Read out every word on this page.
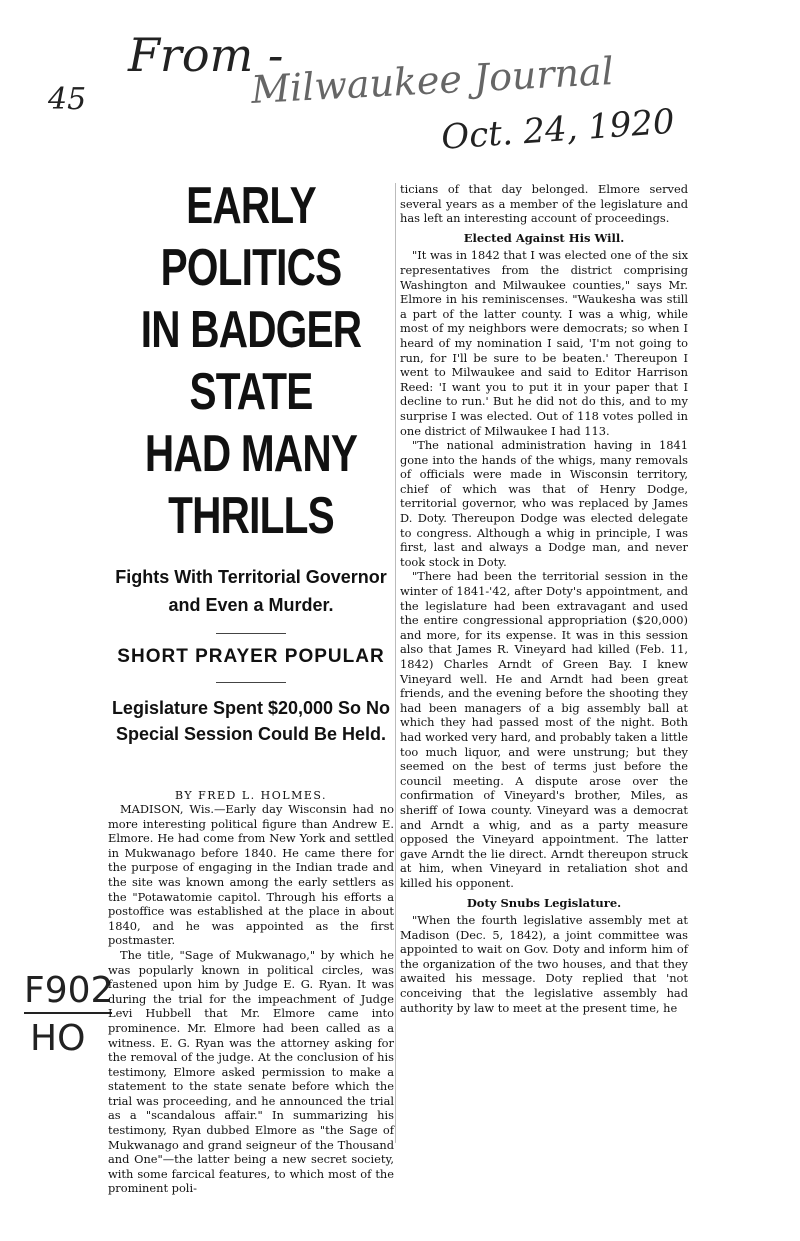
From -
45	Milwaukee Journal
Oct. 24, 1920
F902
HO
EARLY POLITICS
IN BADGER STATE
HAD MANY THRILLS
Fights With Territorial Governor and Even a Murder.
SHORT PRAYER POPULAR
Legislature Spent $20,000 So No Special Session Could Be Held.
BY FRED L. HOLMES.

MADISON, Wis.—Early day Wisconsin had no more interesting political figure than Andrew E. Elmore. He had come from New York and settled in Mukwanago before 1840. He came there for the purpose of engaging in the Indian trade and the site was known among the early settlers as the "Potawatomie capitol. Through his efforts a postoffice was established at the place in about 1840, and he was appointed as the first postmaster.

The title, "Sage of Mukwanago," by which he was popularly known in political circles, was fastened upon him by Judge E. G. Ryan. It was during the trial for the impeachment of Judge Levi Hubbell that Mr. Elmore came into prominence. Mr. Elmore had been called as a witness. E. G. Ryan was the attorney asking for the removal of the judge. At the conclusion of his testimony, Elmore asked permission to make a statement to the state senate before which the trial was proceeding, and he announced the trial as a "scandalous affair." In summarizing his testimony, Ryan dubbed Elmore as "the Sage of Mukwanago and grand seigneur of the Thousand and One"—the latter being a new secret society, with some farcical features, to which most of the prominent poli-

ticians of that day belonged. Elmore served several years as a member of the legislature and has left an interesting account of proceedings.

Elected Against His Will.

"It was in 1842 that I was elected one of the six representatives from the district comprising Washington and Milwaukee counties," says Mr. Elmore in his reminiscenses. "Waukesha was still a part of the latter county. I was a whig, while most of my neighbors were democrats; so when I heard of my nomination I said, 'I'm not going to run, for I'll be sure to be beaten.' Thereupon I went to Milwaukee and said to Editor Harrison Reed: 'I want you to put it in your paper that I decline to run.' But he did not do this, and to my surprise I was elected. Out of 118 votes polled in one district of Milwaukee I had 113.

"The national administration having in 1841 gone into the hands of the whigs, many removals of officials were made in Wisconsin territory, chief of which was that of Henry Dodge, territorial governor, who was replaced by James D. Doty. Thereupon Dodge was elected delegate to congress. Although a whig in principle, I was first, last and always a Dodge man, and never took stock in Doty.

"There had been the territorial session in the winter of 1841-'42, after Doty's appointment, and the legislature had been extravagant and used the entire congressional appropriation ($20,000) and more, for its expense. It was in this session also that James R. Vineyard had killed (Feb. 11, 1842) Charles Arndt of Green Bay. I knew Vineyard well. He and Arndt had been great friends, and the evening before the shooting they had been managers of a big assembly ball at which they had passed most of the night. Both had worked very hard, and probably taken a little too much liquor, and were unstrung; but they seemed on the best of terms just before the council meeting. A dispute arose over the confirmation of Vineyard's brother, Miles, as sheriff of Iowa county. Vineyard was a democrat and Arndt a whig, and as a party measure opposed the Vineyard appointment. The latter gave Arndt the lie direct. Arndt thereupon struck at him, when Vineyard in retaliation shot and killed his opponent.

Doty Snubs Legislature.

"When the fourth legislative assembly met at Madison (Dec. 5, 1842), a joint committee was appointed to wait on Gov. Doty and inform him of the organization of the two houses, and that they awaited his message. Doty replied that 'not conceiving that the legislative assembly had authority by law to meet at the present time, he
